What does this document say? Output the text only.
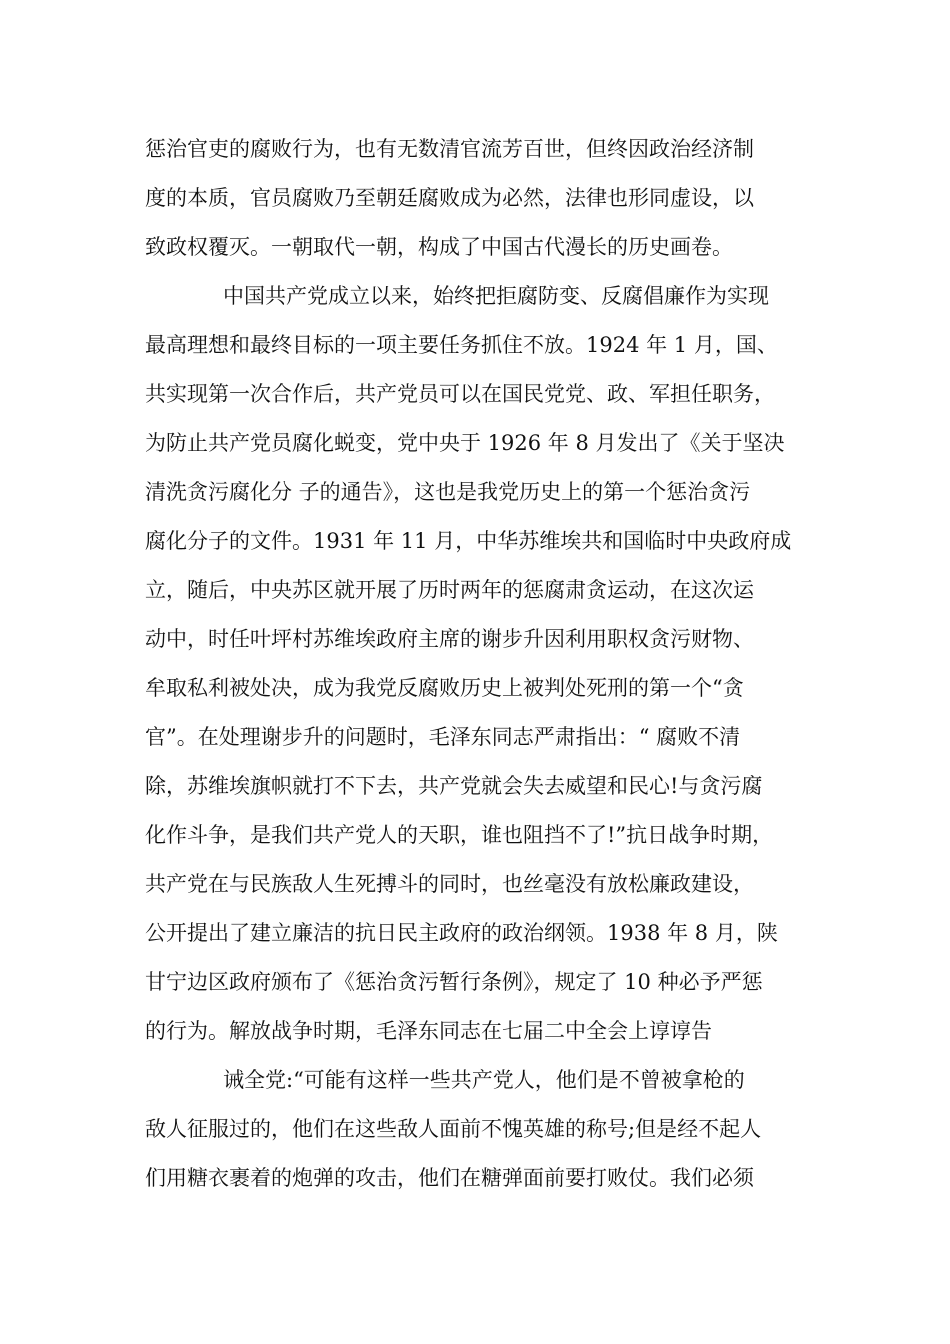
惩治官吏的腐败行为，也有无数清官流芳百世，但终因政治经济制
度的本质，官员腐败乃至朝廷腐败成为必然，法律也形同虚设，以
致政权覆灭。一朝取代一朝，构成了中国古代漫长的历史画卷。
中国共产党成立以来，始终把拒腐防变、反腐倡廉作为实现
最高理想和最终目标的一项主要任务抓住不放。1924 年 1 月，国、
共实现第一次合作后，共产党员可以在国民党党、政、军担任职务，
为防止共产党员腐化蜕变，党中央于 1926 年 8 月发出了《关于坚决
清洗贪污腐化分 子的通告》，这也是我党历史上的第一个惩治贪污
腐化分子的文件。1931 年 11 月，中华苏维埃共和国临时中央政府成
立，随后，中央苏区就开展了历时两年的惩腐肃贪运动，在这次运
动中，时任叶坪村苏维埃政府主席的谢步升因利用职权贪污财物、
牟取私利被处决，成为我党反腐败历史上被判处死刑的第一个“贪
官”。在处理谢步升的问题时，毛泽东同志严肃指出：“ 腐败不清
除，苏维埃旗帜就打不下去，共产党就会失去威望和民心!与贪污腐
化作斗争，是我们共产党人的天职，谁也阻挡不了!”抗日战争时期，
共产党在与民族敌人生死搏斗的同时，也丝毫没有放松廉政建设，
公开提出了建立廉洁的抗日民主政府的政治纲领。1938 年 8 月，陕
甘宁边区政府颁布了《惩治贪污暂行条例》，规定了 10 种必予严惩
的行为。解放战争时期，毛泽东同志在七届二中全会上谆谆告
诫全党:“可能有这样一些共产党人，他们是不曾被拿枪的
敌人征服过的，他们在这些敌人面前不愧英雄的称号;但是经不起人
们用糖衣裹着的炮弹的攻击，他们在糖弹面前要打败仗。我们必须
